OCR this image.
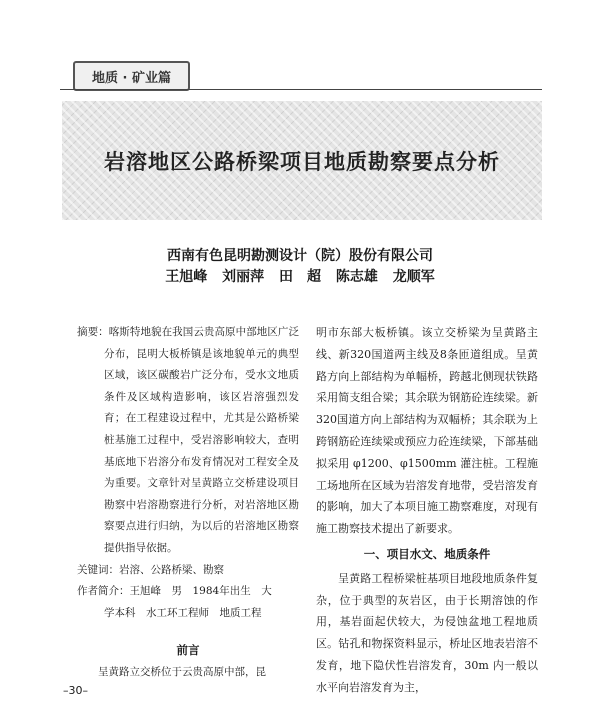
地质 · 矿业篇
岩溶地区公路桥梁项目地质勘察要点分析
西南有色昆明勘测设计（院）股份有限公司
王旭峰 刘丽萍 田　超 陈志雄 龙顺军
摘要：喀斯特地貌在我国云贵高原中部地区广泛分布，昆明大板桥镇是该地貌单元的典型区域，该区碳酸岩广泛分布，受水文地质条件及区域构造影响，该区岩溶强烈发育；在工程建设过程中，尤其是公路桥梁桩基施工过程中，受岩溶影响较大，查明基底地下岩溶分布发育情况对工程安全及为重要。文章针对呈黄路立交桥建设项目勘察中岩溶勘察进行分析，对岩溶地区勘察要点进行归纳，为以后的岩溶地区勘察提供指导依据。
关键词：岩溶、公路桥梁、勘察
作者简介：王旭峰　男　1984年出生　大
学本科　水工环工程师　地质工程
前言

呈黄路立交桥位于云贵高原中部，昆

明市东部大板桥镇。该立交桥梁为呈黄路主线、新320国道两主线及8条匝道组成。呈黄路方向上部结构为单幅桥，跨越北侧现状铁路采用简支组合梁；其余联为钢筋砼连续梁。新320国道方向上部结构为双幅桥；其余联为上跨钢筋砼连续梁或预应力砼连续梁，下部基础拟采用 φ1200、φ1500mm 灌注桩。工程施工场地所在区域为岩溶发育地带，受岩溶发育的影响，加大了本项目施工勘察难度，对现有施工勘察技术提出了新要求。

一、项目水文、地质条件

呈黄路工程桥梁桩基项目地段地质条件复杂，位于典型的灰岩区，由于长期溶蚀的作用，基岩面起伏较大，为侵蚀盆地工程地质区。钻孔和物探资料显示，桥址区地表岩溶不发育，地下隐伏性岩溶发育，30m 内一般以水平向岩溶发育为主，

–30–
